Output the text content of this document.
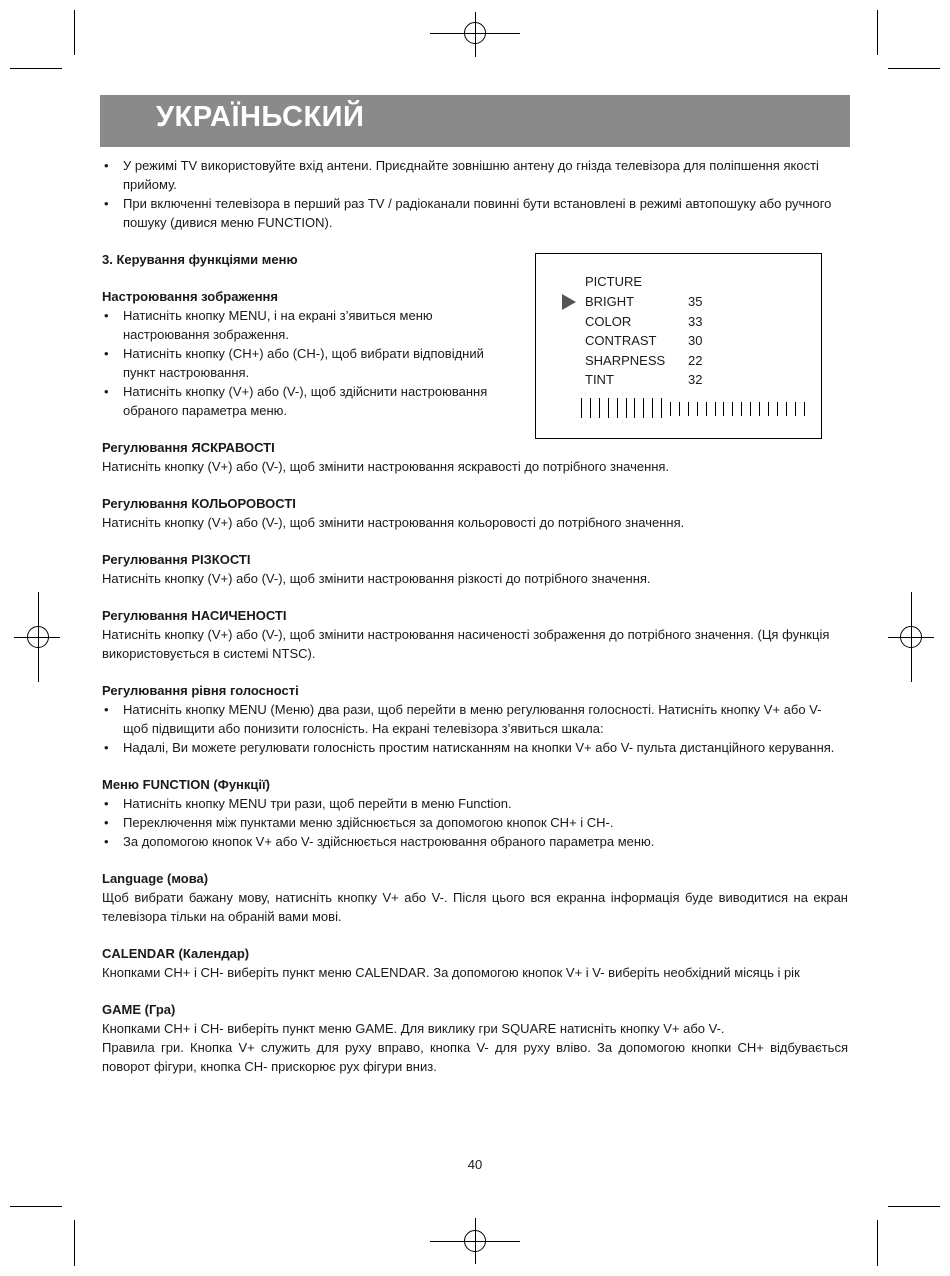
УКРАЇНЬСКИЙ
• У режимі TV використовуйте вхід антени. Приєднайте зовнішню антену до гнізда телевізора для поліпшення якості прийому.
• При включенні телевізора в перший раз TV / радіоканали повинні бути встановлені в режимі автопошуку або ручного пошуку (дивися меню FUNCTION).
3. Керування функціями меню
Настроювання зображення
• Натисніть кнопку MENU, і на екрані з’явиться меню настроювання зображення.
• Натисніть кнопку (CH+) або (CH-), щоб вибрати відповідний пункт настроювання.
• Натисніть кнопку (V+) або (V-), щоб здійснити настроювання обраного параметра меню.
Регулювання ЯСКРАВОСТІ
Натисніть кнопку (V+) або (V-), щоб змінити настроювання яскравості до потрібного значення.
Регулювання КОЛЬОРОВОСТІ
Натисніть кнопку (V+) або (V-), щоб змінити настроювання кольоровості до потрібного значення.
Регулювання РІЗКОСТІ
Натисніть кнопку (V+) або (V-), щоб змінити настроювання різкості до потрібного значення.
Регулювання НАСИЧЕНОСТІ
Натисніть кнопку (V+) або (V-), щоб змінити настроювання насиченості зображення до потрібного значення. (Ця функція використовується в системі NTSC).
Регулювання рівня голосності
• Натисніть кнопку MENU (Меню) два рази, щоб перейти в меню регулювання голосності. Натисніть кнопку V+ або V- щоб підвищити або понизити голосність. На екрані телевізора з’явиться шкала:
• Надалі, Ви можете регулювати голосність простим натисканням на кнопки V+ або V- пульта дистанційного керування.
Меню FUNCTION (Функції)
• Натисніть кнопку MENU три рази, щоб перейти в меню Function.
• Переключення між пунктами меню здійснюється за допомогою кнопок CH+ і CH-.
• За допомогою кнопок V+ або V- здійснюється настроювання обраного параметра меню.
Language (мова)
Щоб вибрати бажану мову, натисніть кнопку V+ або V-. Після цього вся екранна інформація буде виводитися на екран телевізора тільки на обраній вами мові.
CALENDAR (Календар)
Кнопками CH+ і CH- виберіть пункт меню CALENDAR. За допомогою кнопок V+ і V- виберіть необхідний місяць і рік
GAME (Гра)
Кнопками CH+ і CH- виберіть пункт меню GAME. Для виклику гри SQUARE натисніть кнопку V+ або V-.
Правила гри. Кнопка V+ служить для руху вправо, кнопка V- для руху вліво. За допомогою кнопки CH+ відбувається поворот фігури, кнопка CH- прискорює рух фігури вниз.
PICTURE
BRIGHT	35
COLOR	33
CONTRAST 30
SHARPNESS 22
TINT	32
40
